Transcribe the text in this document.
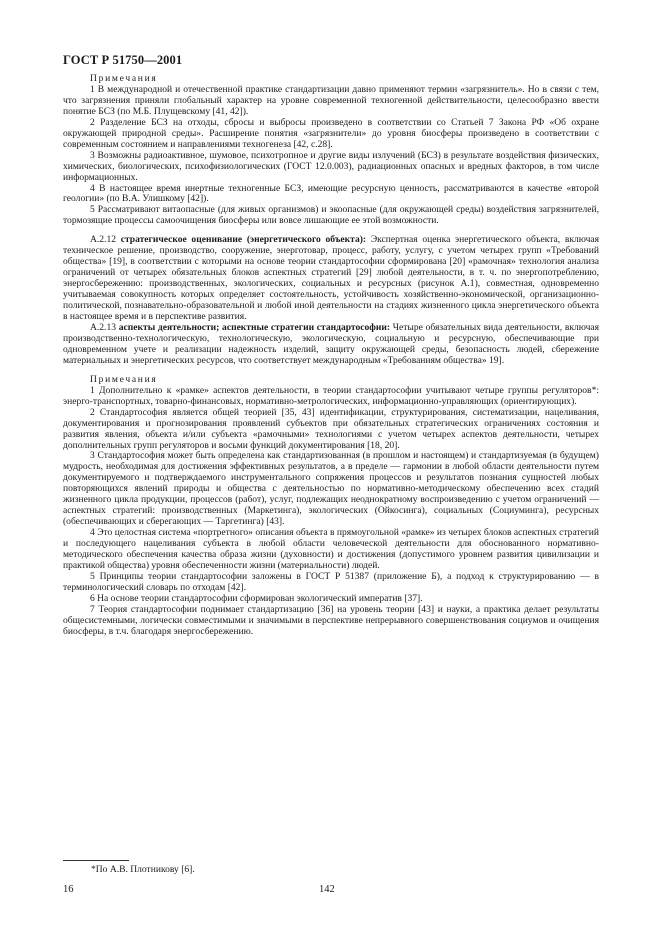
ГОСТ Р 51750—2001

Примечания

1 В международной и отечественной практике стандартизации давно применяют термин «загрязнитель». Но в связи с тем, что загрязнения приняли глобальный характер на уровне современной техногенной действительности, целесообразно ввести понятие БСЗ (по М.Б. Плущевскому [41, 42]).

2 Разделение БСЗ на отходы, сбросы и выбросы произведено в соответствии со Статьей 7 Закона РФ «Об охране окружающей природной среды». Расширение понятия «загрязнители» до уровня биосферы произведено в соответствии с современным состоянием и направлениями техногенеза [42, с.28].

3 Возможны радиоактивное, шумовое, психотропное и другие виды излучений (БСЗ) в результате воздействия физических, химических, биологических, психофизиологических (ГОСТ 12.0.003), радиационных опасных и вредных факторов, в том числе информационных.

4 В настоящее время инертные техногенные БСЗ, имеющие ресурсную ценность, рассматриваются в качестве «второй геологии» (по В.А. Улишкому [42]).

5 Рассматривают витаопасные (для живых организмов) и экоопасные (для окружающей среды) воздействия загрязнителей, тормозящие процессы самоочищения биосферы или вовсе лишающие ее этой возможности.

А.2.12 стратегическое оценивание (энергетического объекта): Экспертная оценка энергетического объекта, включая техническое решение, производство, сооружение, энерготовар, процесс, работу, услугу, с учетом четырех групп «Требований общества» [19], в соответствии с которыми на основе теории стандартософии сформирована [20] «рамочная» технология анализа ограничений от четырех обязательных блоков аспектных стратегий [29] любой деятельности, в т. ч. по энергопотреблению, энергосбережению: производственных, экологических, социальных и ресурсных (рисунок А.1), совместная, одновременно учитываемая совокупность которых определяет состоятельность, устойчивость хозяйственно-экономической, организационно-политической, познавательно-образовательной и любой иной деятельности на стадиях жизненного цикла энергетического объекта в настоящее время и в перспективе развития.

А.2.13 аспекты деятельности; аспектные стратегии стандартософии: Четыре обязательных вида деятельности, включая производственно-технологическую, технологическую, экологическую, социальную и ресурсную, обеспечивающие при одновременном учете и реализации надежность изделий, защиту окружающей среды, безопасность людей, сбережение материальных и энергетических ресурсов, что соответствует международным «Требованиям общества» 19].

Примечания

1 Дополнительно к «рамке» аспектов деятельности, в теории стандартософии учитывают четыре группы регуляторов*: энерго-транспортных, товарно-финансовых, нормативно-метрологических, информационно-управляющих (ориентирующих).

2 Стандартософия является общей теорией [35, 43] идентификации, структурирования, систематизации, нацеливания, документирования и прогнозирования проявлений субъектов при обязательных стратегических ограничениях состояния и развития явления, объекта и/или субъекта «рамочными» технологиями с учетом четырех аспектов деятельности, четырех дополнительных групп регуляторов и восьми функций документирования [18, 20].

3 Стандартософия может быть определена как стандартизованная (в прошлом и настоящем) и стандартизуемая (в будущем) мудрость, необходимая для достижения эффективных результатов, а в пределе — гармонии в любой области деятельности путем документируемого и подтверждаемого инструментального сопряжения процессов и результатов познания сущностей любых повторяющихся явлений природы и общества с деятельностью по нормативно-методическому обеспечению всех стадий жизненного цикла продукции, процессов (работ), услуг, подлежащих неоднократному воспроизведению с учетом ограничений — аспектных стратегий: производственных (Маркетинга), экологических (Ойкосинга), социальных (Социуминга), ресурсных (обеспечивающих и сберегающих — Таргетинга) [43].

4 Это целостная система «портретного» описания объекта в прямоугольной «рамке» из четырех блоков аспектных стратегий и последующего нацеливания субъекта в любой области человеческой деятельности для обоснованного нормативно-методического обеспечения качества образа жизни (духовности) и достижения (допустимого уровнем развития цивилизации и практикой общества) уровня обеспеченности жизни (материальности) людей.

5 Принципы теории стандартософии заложены в ГОСТ Р 51387 (приложение Б), а подход к структурированию — в терминологический словарь по отходам [42].

6 На основе теории стандартософии сформирован экологический императив [37].

7 Теория стандартософии поднимает стандартизацию [36] на уровень теории [43] и науки, а практика делает результаты общесистемными, логически совместимыми и значимыми в перспективе непрерывного совершенствования социумов и очищения биосферы, в т.ч. благодаря энергосбережению.

*По А.В. Плотникову [6].
16	142
